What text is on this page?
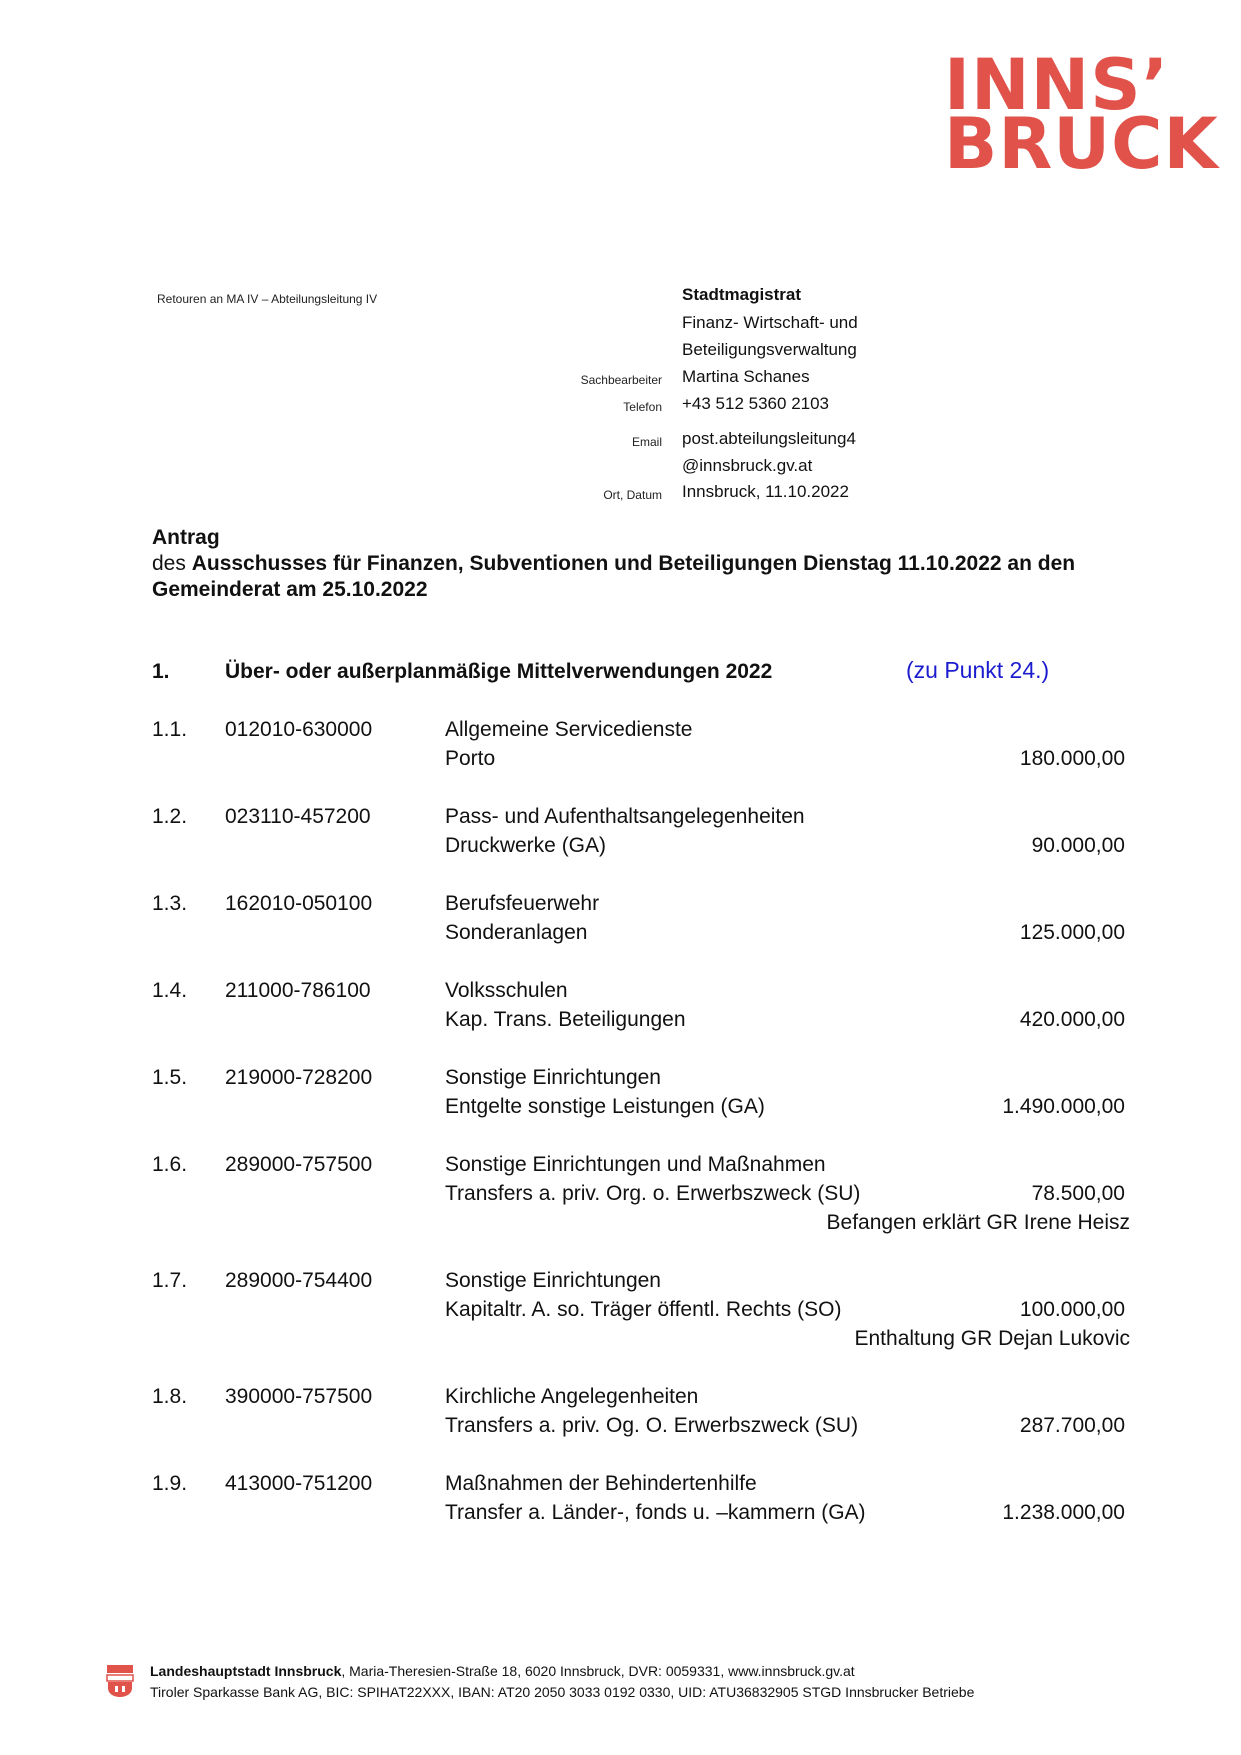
INNS’
BRUCK
Retouren an MA IV – Abteilungsleitung IV	Stadtmagistrat
Finanz- Wirtschaft- und
Beteiligungsverwaltung
Sachbearbeiter Martina Schanes
Telefon +43 512 5360 2103
Email post.abteilungsleitung4
@innsbruck.gv.at
Ort, Datum Innsbruck, 11.10.2022
Antrag
des Ausschusses für Finanzen, Subventionen und Beteiligungen Dienstag 11.10.2022 an den Gemeinderat am 25.10.2022
1.	Über- oder außerplanmäßige Mittelverwendungen 2022	(zu Punkt 24.)
1.1. 012010-630000	Allgemeine Servicedienste
Porto	180.000,00
1.2. 023110-457200	Pass- und Aufenthaltsangelegenheiten
Druckwerke (GA)	90.000,00
1.3. 162010-050100	Berufsfeuerwehr
Sonderanlagen	125.000,00
1.4. 211000-786100	Volksschulen
Kap. Trans. Beteiligungen	420.000,00
1.5. 219000-728200	Sonstige Einrichtungen
Entgelte sonstige Leistungen (GA)	1.490.000,00
1.6. 289000-757500	Sonstige Einrichtungen und Maßnahmen
Transfers a. priv. Org. o. Erwerbszweck (SU)	78.500,00
Befangen erklärt GR Irene Heisz
1.7. 289000-754400	Sonstige Einrichtungen
Kapitaltr. A. so. Träger öffentl. Rechts (SO)	100.000,00
Enthaltung GR Dejan Lukovic
1.8. 390000-757500	Kirchliche Angelegenheiten
Transfers a. priv. Og. O. Erwerbszweck (SU)	287.700,00
1.9. 413000-751200	Maßnahmen der Behindertenhilfe
Transfer a. Länder-, fonds u. –kammern (GA)	1.238.000,00
Landeshauptstadt Innsbruck, Maria-Theresien-Straße 18, 6020 Innsbruck, DVR: 0059331, www.innsbruck.gv.at
Tiroler Sparkasse Bank AG, BIC: SPIHAT22XXX, IBAN: AT20 2050 3033 0192 0330, UID: ATU36832905 STGD Innsbrucker Betriebe
